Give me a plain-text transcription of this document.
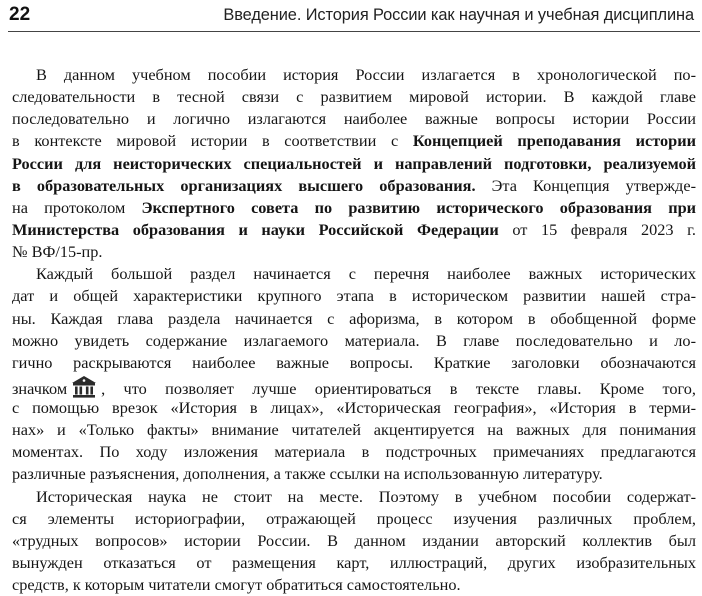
22	Введение. История России как научная и учебная дисциплина
В данном учебном пособии история России излагается в хронологической по-
следовательности в тесной связи с развитием мировой истории. В каждой главе
последовательно и логично излагаются наиболее важные вопросы истории России
в контексте мировой истории в соответствии с Концепцией преподавания истории
России для неисторических специальностей и направлений подготовки, реализуемой
в образовательных организациях высшего образования. Эта Концепция утвержде-
на протоколом Экспертного совета по развитию исторического образования при
Министерства образования и науки Российской Федерации от 15 февраля 2023 г.
№ ВФ/15-пр.
Каждый большой раздел начинается с перечня наиболее важных исторических
дат и общей характеристики крупного этапа в историческом развитии нашей стра-
ны. Каждая глава раздела начинается с афоризма, в котором в обобщенной форме
можно увидеть содержание излагаемого материала. В главе последовательно и ло-
гично раскрываются наиболее важные вопросы. Краткие заголовки обозначаются
значком , что позволяет лучше ориентироваться в тексте главы. Кроме того,
с помощью врезок «История в лицах», «Историческая география», «История в терми-
нах» и «Только факты» внимание читателей акцентируется на важных для понимания
моментах. По ходу изложения материала в подстрочных примечаниях предлагаются
различные разъяснения, дополнения, а также ссылки на использованную литературу.
Историческая наука не стоит на месте. Поэтому в учебном пособии содержат-
ся элементы историографии, отражающей процесс изучения различных проблем,
«трудных вопросов» истории России. В данном издании авторский коллектив был
вынужден отказаться от размещения карт, иллюстраций, других изобразительных
средств, к которым читатели смогут обратиться самостоятельно.
